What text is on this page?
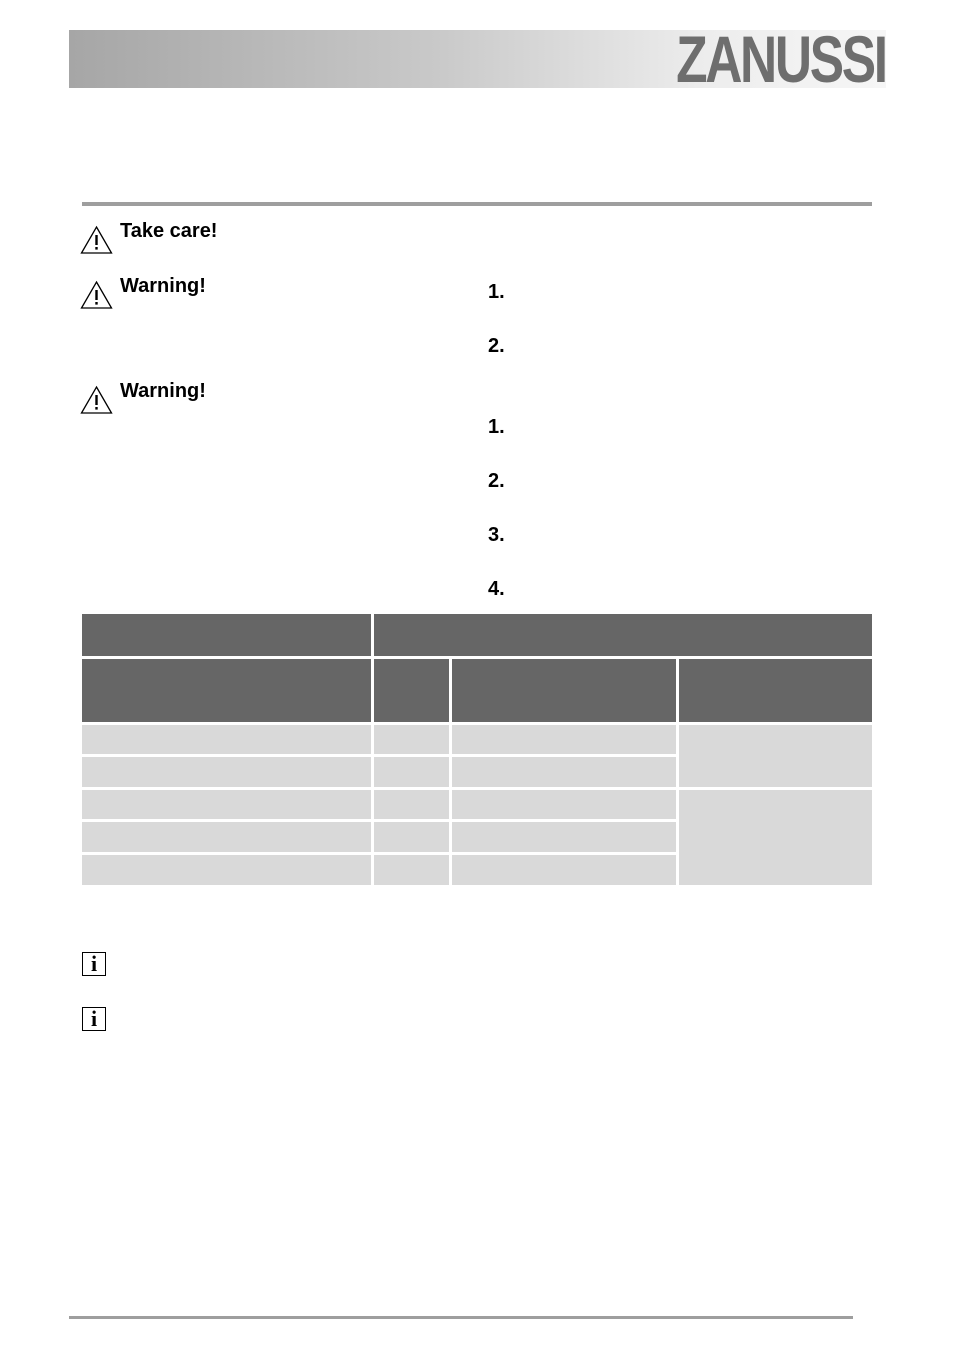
ZANUSSI
Take care!
Warning!
Warning!
1.
2.
1.
2.
3.
4.

i
i
